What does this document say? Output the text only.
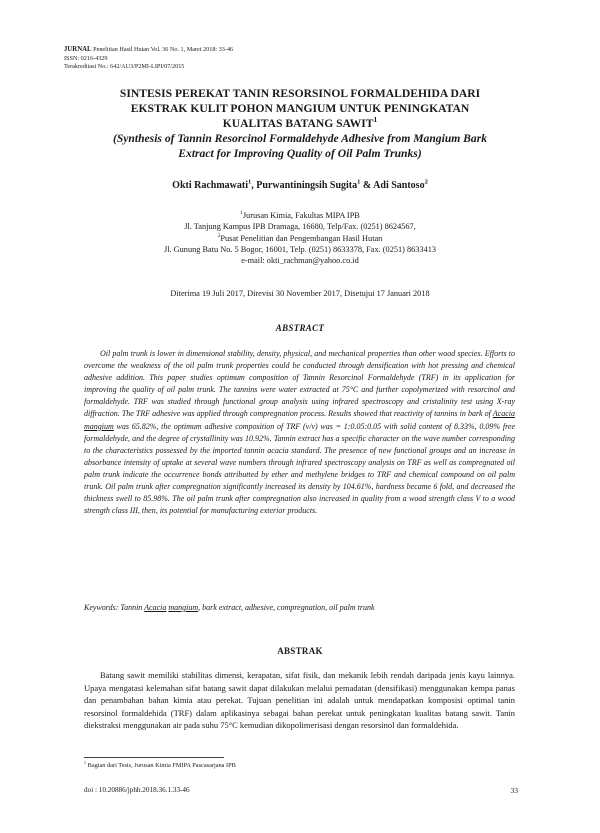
JURNAL Penelitian Hasil Hutan Vol. 36 No. 1, Maret 2018: 33-46
ISSN: 0216-4329
Terakreditasi No.: 642/AU3/P2MI-LIPI/07/2015

SINTESIS PEREKAT TANIN RESORSINOL FORMALDEHIDA DARI
EKSTRAK KULIT POHON MANGIUM UNTUK PENINGKATAN
KUALITAS BATANG SAWIT$^1$

(Synthesis of Tannin Resorcinol Formaldehyde Adhesive from Mangium Bark
Extract for Improving Quality of Oil Palm Trunks)

Okti Rachmawati$^1$, Purwantiningsih Sugita$^1$ & Adi Santoso$^2$
$^1$Jurusan Kimia, Fakultas MIPA IPB
Jl. Tanjung Kampus IPB Dramaga, 16680, Telp/Fax. (0251) 8624567,
$^2$Pusat Penelitian dan Pengembangan Hasil Hutan
Jl. Gunung Batu No. 5 Bogor, 16001, Telp. (0251) 8633378, Fax. (0251) 8633413
e-mail: okti_rachman@yahoo.co.id
Diterima 19 Juli 2017, Direvisi 30 November 2017, Disetujui 17 Januari 2018
ABSTRACT

Oil palm trunk is lower in dimensional stability, density, physical, and mechanical properties than other wood species. Efforts to overcome the weakness of the oil palm trunk properties could be conducted through densification with hot pressing and chemical adhesive addition. This paper studies optimum composition of Tannin Resorcinol Formaldehyde (TRF) in its application for improving the quality of oil palm trunk. The tannins were water extracted at 75°C and further copolymerized with resorcinol and formaldehyde. TRF was studied through functional group analysis using infrared spectroscopy and cristalinity test using X-ray diffraction. The TRF adhesive was applied through compregnation process. Results showed that reactivity of tannins in bark of Acacia mangium was 65.82%, the optimum adhesive composition of TRF (v/v) was = 1:0.05:0.05 with solid content of 8.33%, 0.09% free formaldehyde, and the degree of crystallinity was 10.92%. Tannin extract has a specific character on the wave number corresponding to the characteristics possessed by the imported tannin acacia standard. The presence of new functional groups and an increase in absorbance intensity of uptake at several wave numbers through infrared spectroscopy analysis on TRF as well as compregnated oil palm trunk indicate the occurrence bonds attributted by ether and methylene bridges to TRF and chemical compound on oil palm trunk. Oil palm trunk after compregnation significantly increased its density by 104.61%, hardness became 6 fold, and decreased the thickness swell to 85.98%. The oil palm trunk after compregnation also increased in quality from a wood strength class V to a wood strength class III, then, its potential for manufacturing exterior products.

Keywords: Tannin Acacia mangium, bark extract, adhesive, compregnation, oil palm trunk
ABSTRAK

Batang sawit memiliki stabilitas dimensi, kerapatan, sifat fisik, dan mekanik lebih rendah daripada jenis kayu lainnya. Upaya mengatasi kelemahan sifat batang sawit dapat dilakukan melalui pemadatan (densifikasi) menggunakan kempa panas dan penambahan bahan kimia atau perekat. Tujuan penelitian ini adalah untuk mendapatkan komposisi optimal tanin resorsinol formaldehida (TRF) dalam aplikasinya sebagai bahan perekat untuk peningkatan kualitas batang sawit. Tanin diekstraksi menggunakan air pada suhu 75°C kemudian dikopolimerisasi dengan resorsinol dan formaldehida.

$^1$ Bagian dari Tesis, Jurusan Kimia FMIPA Pascasarjana IPB
doi : 10.20886/jphh.2018.36.1.33-46	33
